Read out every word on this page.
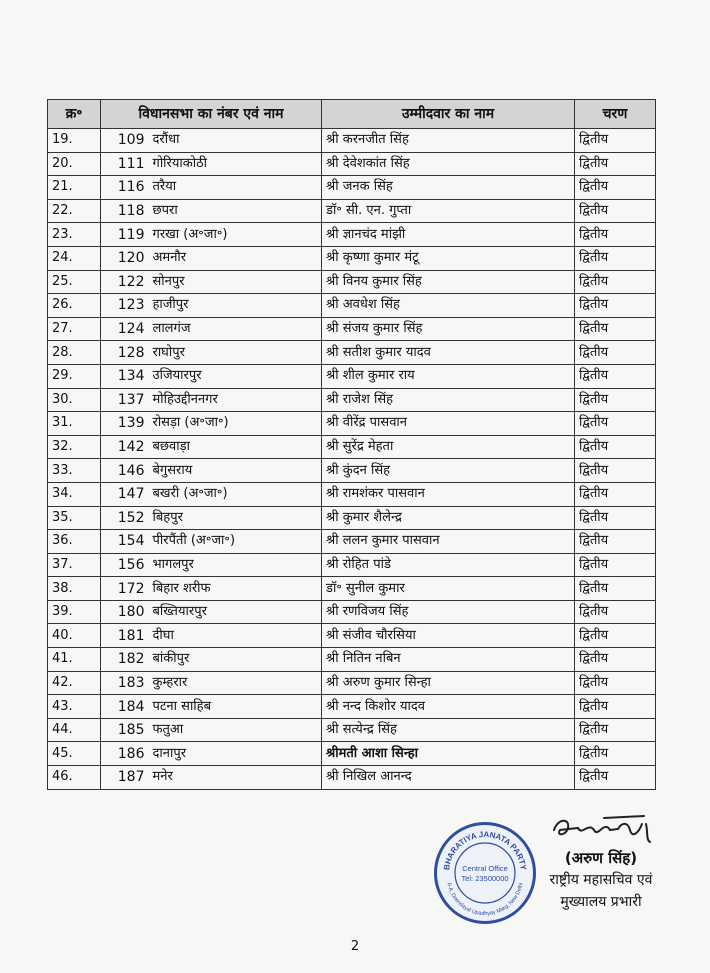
क्र॰	विधानसभा का नंबर एवं नाम		उम्मीदवार का नाम	चरण
19.	109	दरौंधा	श्री करनजीत सिंह	द्वितीय
20.	111	गोरियाकोठी	श्री देवेशकांत सिंह	द्वितीय
21.	116	तरैया	श्री जनक सिंह	द्वितीय
22.	118	छपरा	डॉ॰ सी. एन. गुप्ता	द्वितीय
23.	119	गरखा (अ॰जा॰)	श्री ज्ञानचंद मांझी	द्वितीय
24.	120	अमनौर	श्री कृष्णा कुमार मंटू	द्वितीय
25.	122	सोनपुर	श्री विनय कुमार सिंह	द्वितीय
26.	123	हाजीपुर	श्री अवधेश सिंह	द्वितीय
27.	124	लालगंज	श्री संजय कुमार सिंह	द्वितीय
28.	128	राघोपुर	श्री सतीश कुमार यादव	द्वितीय
29.	134	उजियारपुर	श्री शील कुमार राय	द्वितीय
30.	137	मोहिउद्दीननगर	श्री राजेश सिंह	द्वितीय
31.	139	रोसड़ा (अ॰जा॰)	श्री वीरेंद्र पासवान	द्वितीय
32.	142	बछवाड़ा	श्री सुरेंद्र मेहता	द्वितीय
33.	146	बेगुसराय	श्री कुंदन सिंह	द्वितीय
34.	147	बखरी (अ॰जा॰)	श्री रामशंकर पासवान	द्वितीय
35.	152	बिहपुर	श्री कुमार शैलेन्द्र	द्वितीय
36.	154	पीरपैंती (अ॰जा॰)	श्री ललन कुमार पासवान	द्वितीय
37.	156	भागलपुर	श्री रोहित पांडे	द्वितीय
38.	172	बिहार शरीफ	डॉ॰ सुनील कुमार	द्वितीय
39.	180	बख्तियारपुर	श्री रणविजय सिंह	द्वितीय
40.	181	दीघा	श्री संजीव चौरसिया	द्वितीय
41.	182	बांकीपुर	श्री नितिन नबिन	द्वितीय
42.	183	कुम्हरार	श्री अरुण कुमार सिन्हा	द्वितीय
43.	184	पटना साहिब	श्री नन्द किशोर यादव	द्वितीय
44.	185	फतुआ	श्री सत्येन्द्र सिंह	द्वितीय
45.	186	दानापुर	श्रीमती आशा सिन्हा	द्वितीय
46.	187	मनेर	श्री निखिल आनन्द	द्वितीय
BHARATIYA JANATA PARTY
6-A, Deendayal Upadhyay Marg, New Delhi
Central Office
Tel: 23500000
(अरुण सिंह)
राष्ट्रीय महासचिव एवं
मुख्यालय प्रभारी
2
